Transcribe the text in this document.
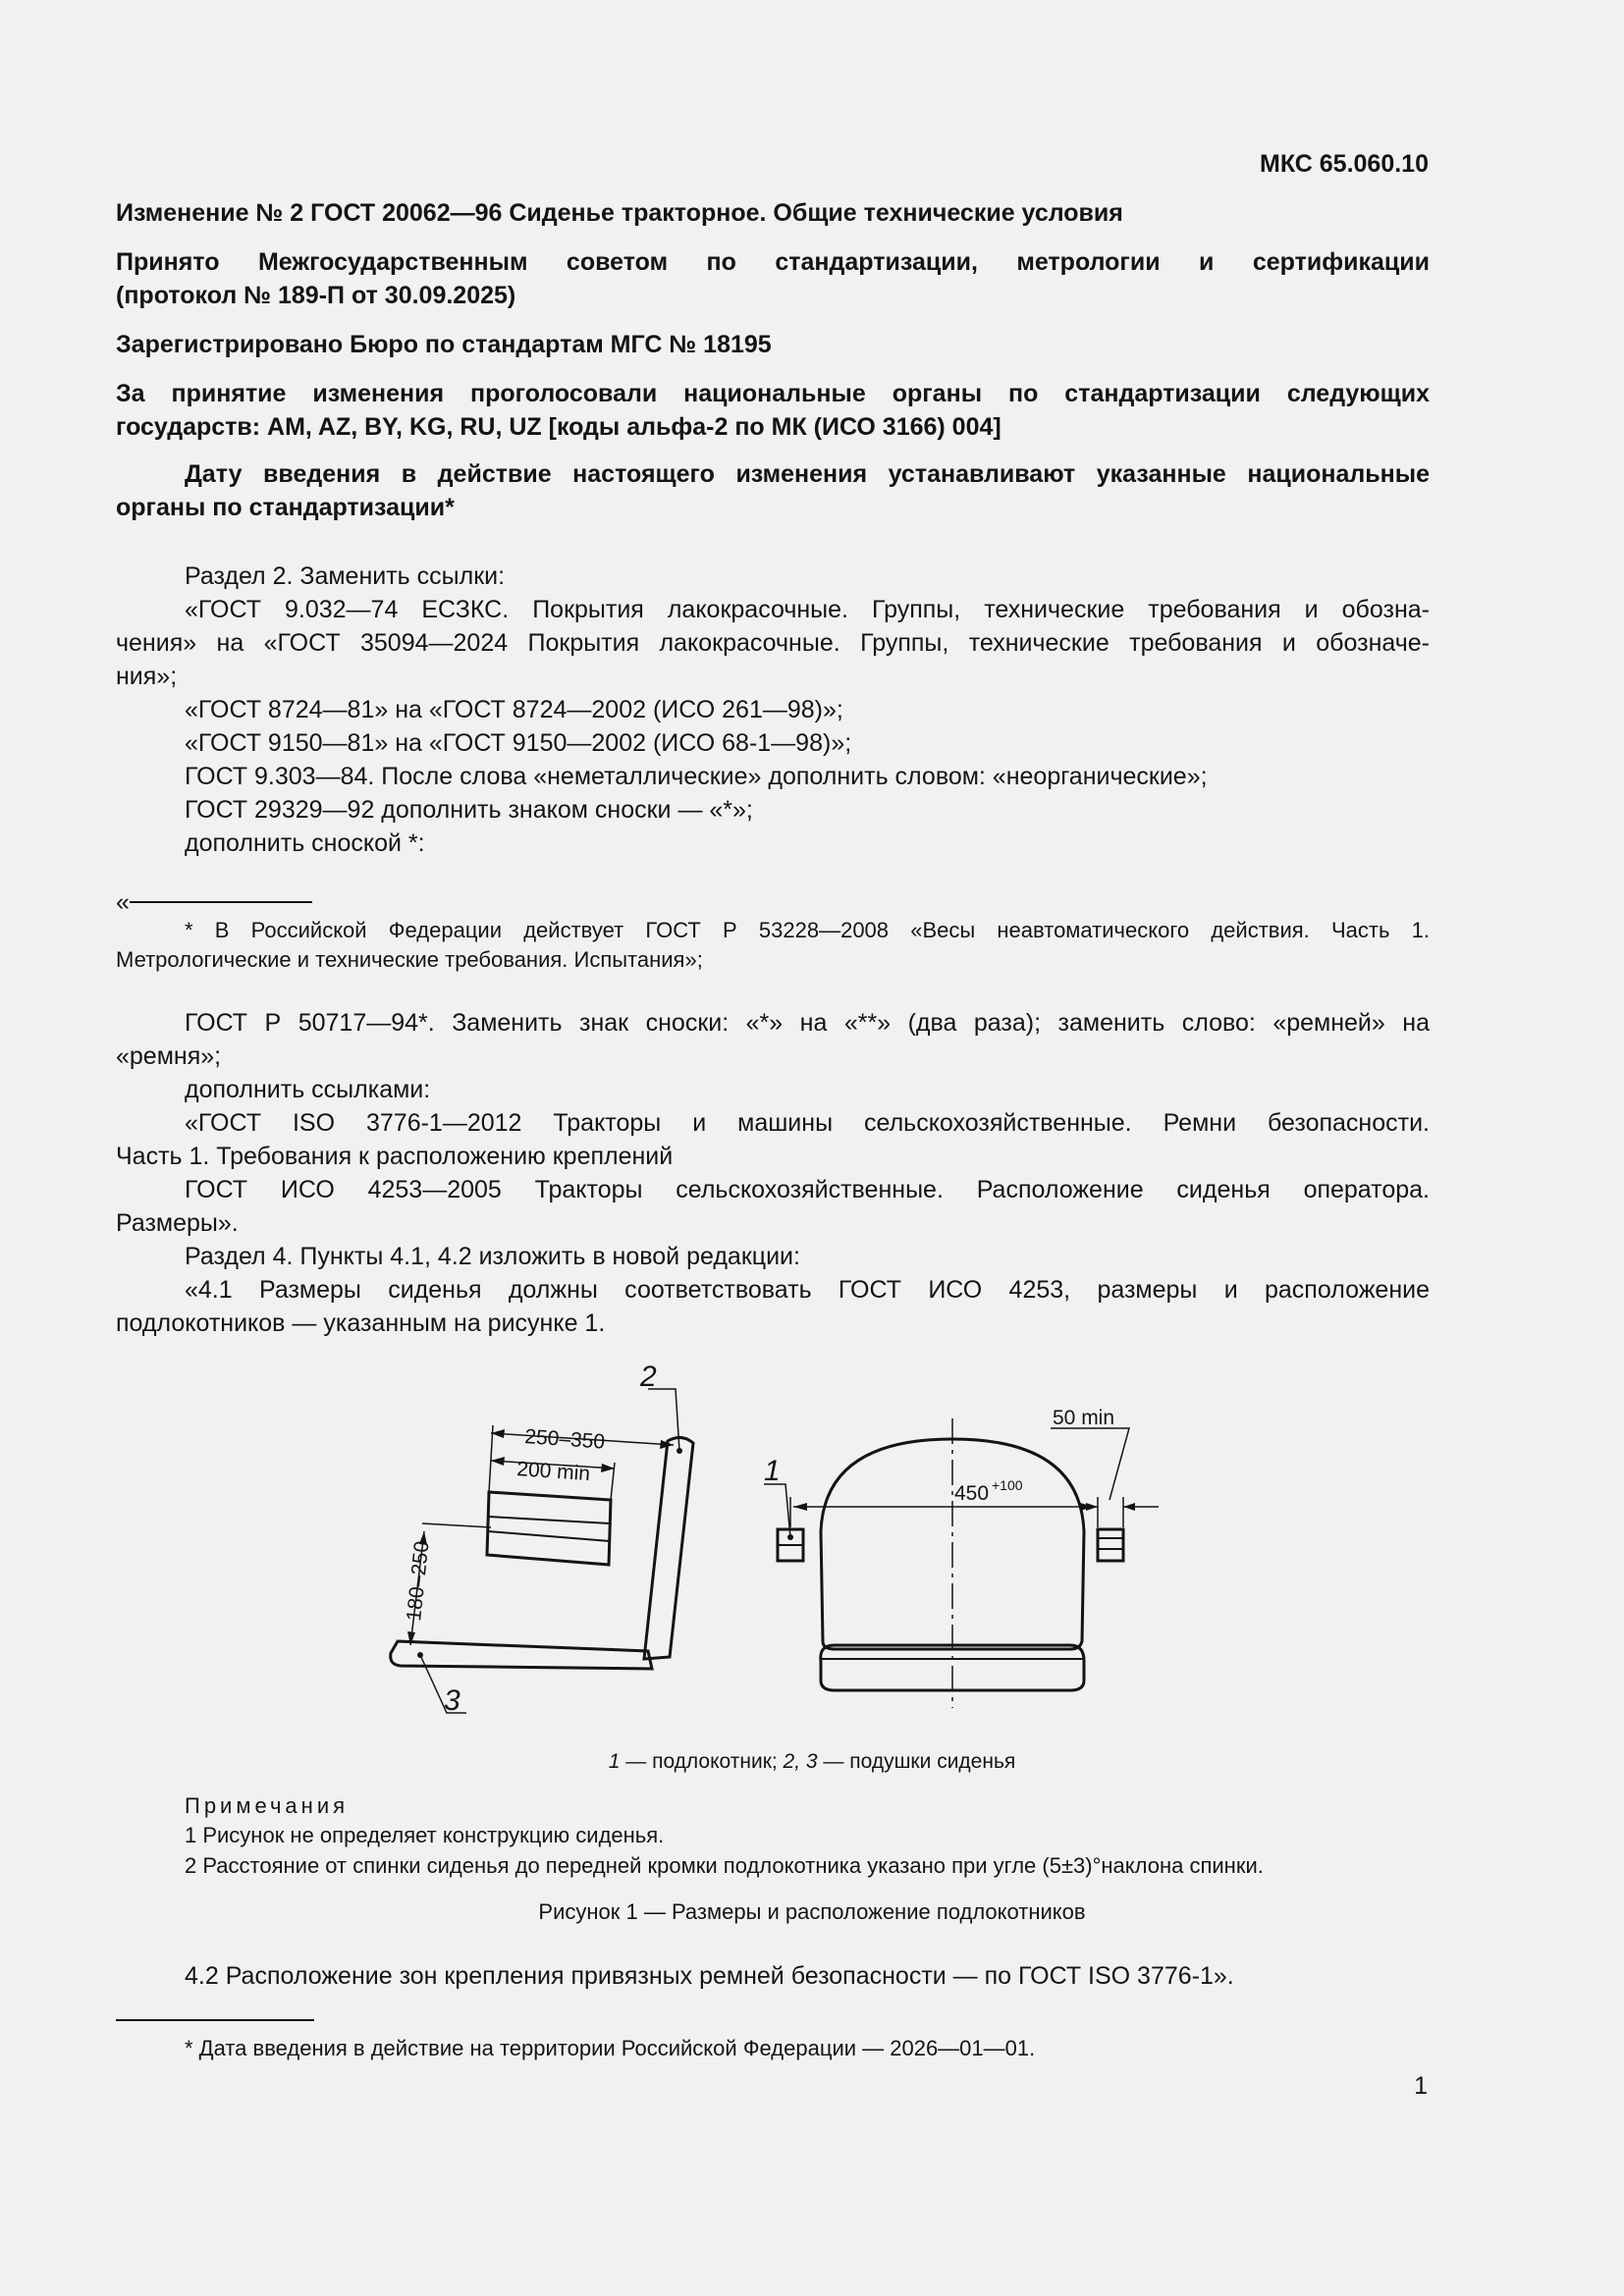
МКС 65.060.10
Изменение № 2 ГОСТ 20062—96 Сиденье тракторное. Общие технические условия
Принято Межгосударственным советом по стандартизации, метрологии и сертификации
(протокол № 189-П от 30.09.2025)
Зарегистрировано Бюро по стандартам МГС № 18195
За принятие изменения проголосовали национальные органы по стандартизации следующих
государств: AM, AZ, BY, KG, RU, UZ [коды альфа-2 по МК (ИСО 3166) 004]
Дату введения в действие настоящего изменения устанавливают указанные национальные
органы по стандартизации*
Раздел 2. Заменить ссылки:
«ГОСТ 9.032—74 ЕСЗКС. Покрытия лакокрасочные. Группы, технические требования и обозна-
чения» на «ГОСТ 35094—2024 Покрытия лакокрасочные. Группы, технические требования и обозначе-
ния»;
«ГОСТ 8724—81» на «ГОСТ 8724—2002 (ИСО 261—98)»;
«ГОСТ 9150—81» на «ГОСТ 9150—2002 (ИСО 68-1—98)»;
ГОСТ 9.303—84. После слова «неметаллические» дополнить словом: «неорганические»;
ГОСТ 29329—92 дополнить знаком сноски — «*»;
дополнить сноской *:
«
* В Российской Федерации действует ГОСТ Р 53228—2008 «Весы неавтоматического действия. Часть 1.
Метрологические и технические требования. Испытания»;
ГОСТ Р 50717—94*. Заменить знак сноски: «*» на «**» (два раза); заменить слово: «ремней» на
«ремня»;
дополнить ссылками:
«ГОСТ ISO 3776-1—2012 Тракторы и машины сельскохозяйственные. Ремни безопасности.
Часть 1. Требования к расположению креплений
ГОСТ ИСО 4253—2005 Тракторы сельскохозяйственные. Расположение сиденья оператора.
Размеры».
Раздел 4. Пункты 4.1, 4.2 изложить в новой редакции:
«4.1 Размеры сиденья должны соответствовать ГОСТ ИСО 4253, размеры и расположение
подлокотников — указанным на рисунке 1.
250–350
200 min
180–250
50 min
450 +100
1
2
3
1 — подлокотник; 2, 3 — подушки сиденья
Примечания
1 Рисунок не определяет конструкцию сиденья.
2 Расстояние от спинки сиденья до передней кромки подлокотника указано при угле (5±3)°наклона спинки.
Рисунок 1 — Размеры и расположение подлокотников
4.2 Расположение зон крепления привязных ремней безопасности — по ГОСТ ISO 3776-1».
* Дата введения в действие на территории Российской Федерации — 2026—01—01.
1
